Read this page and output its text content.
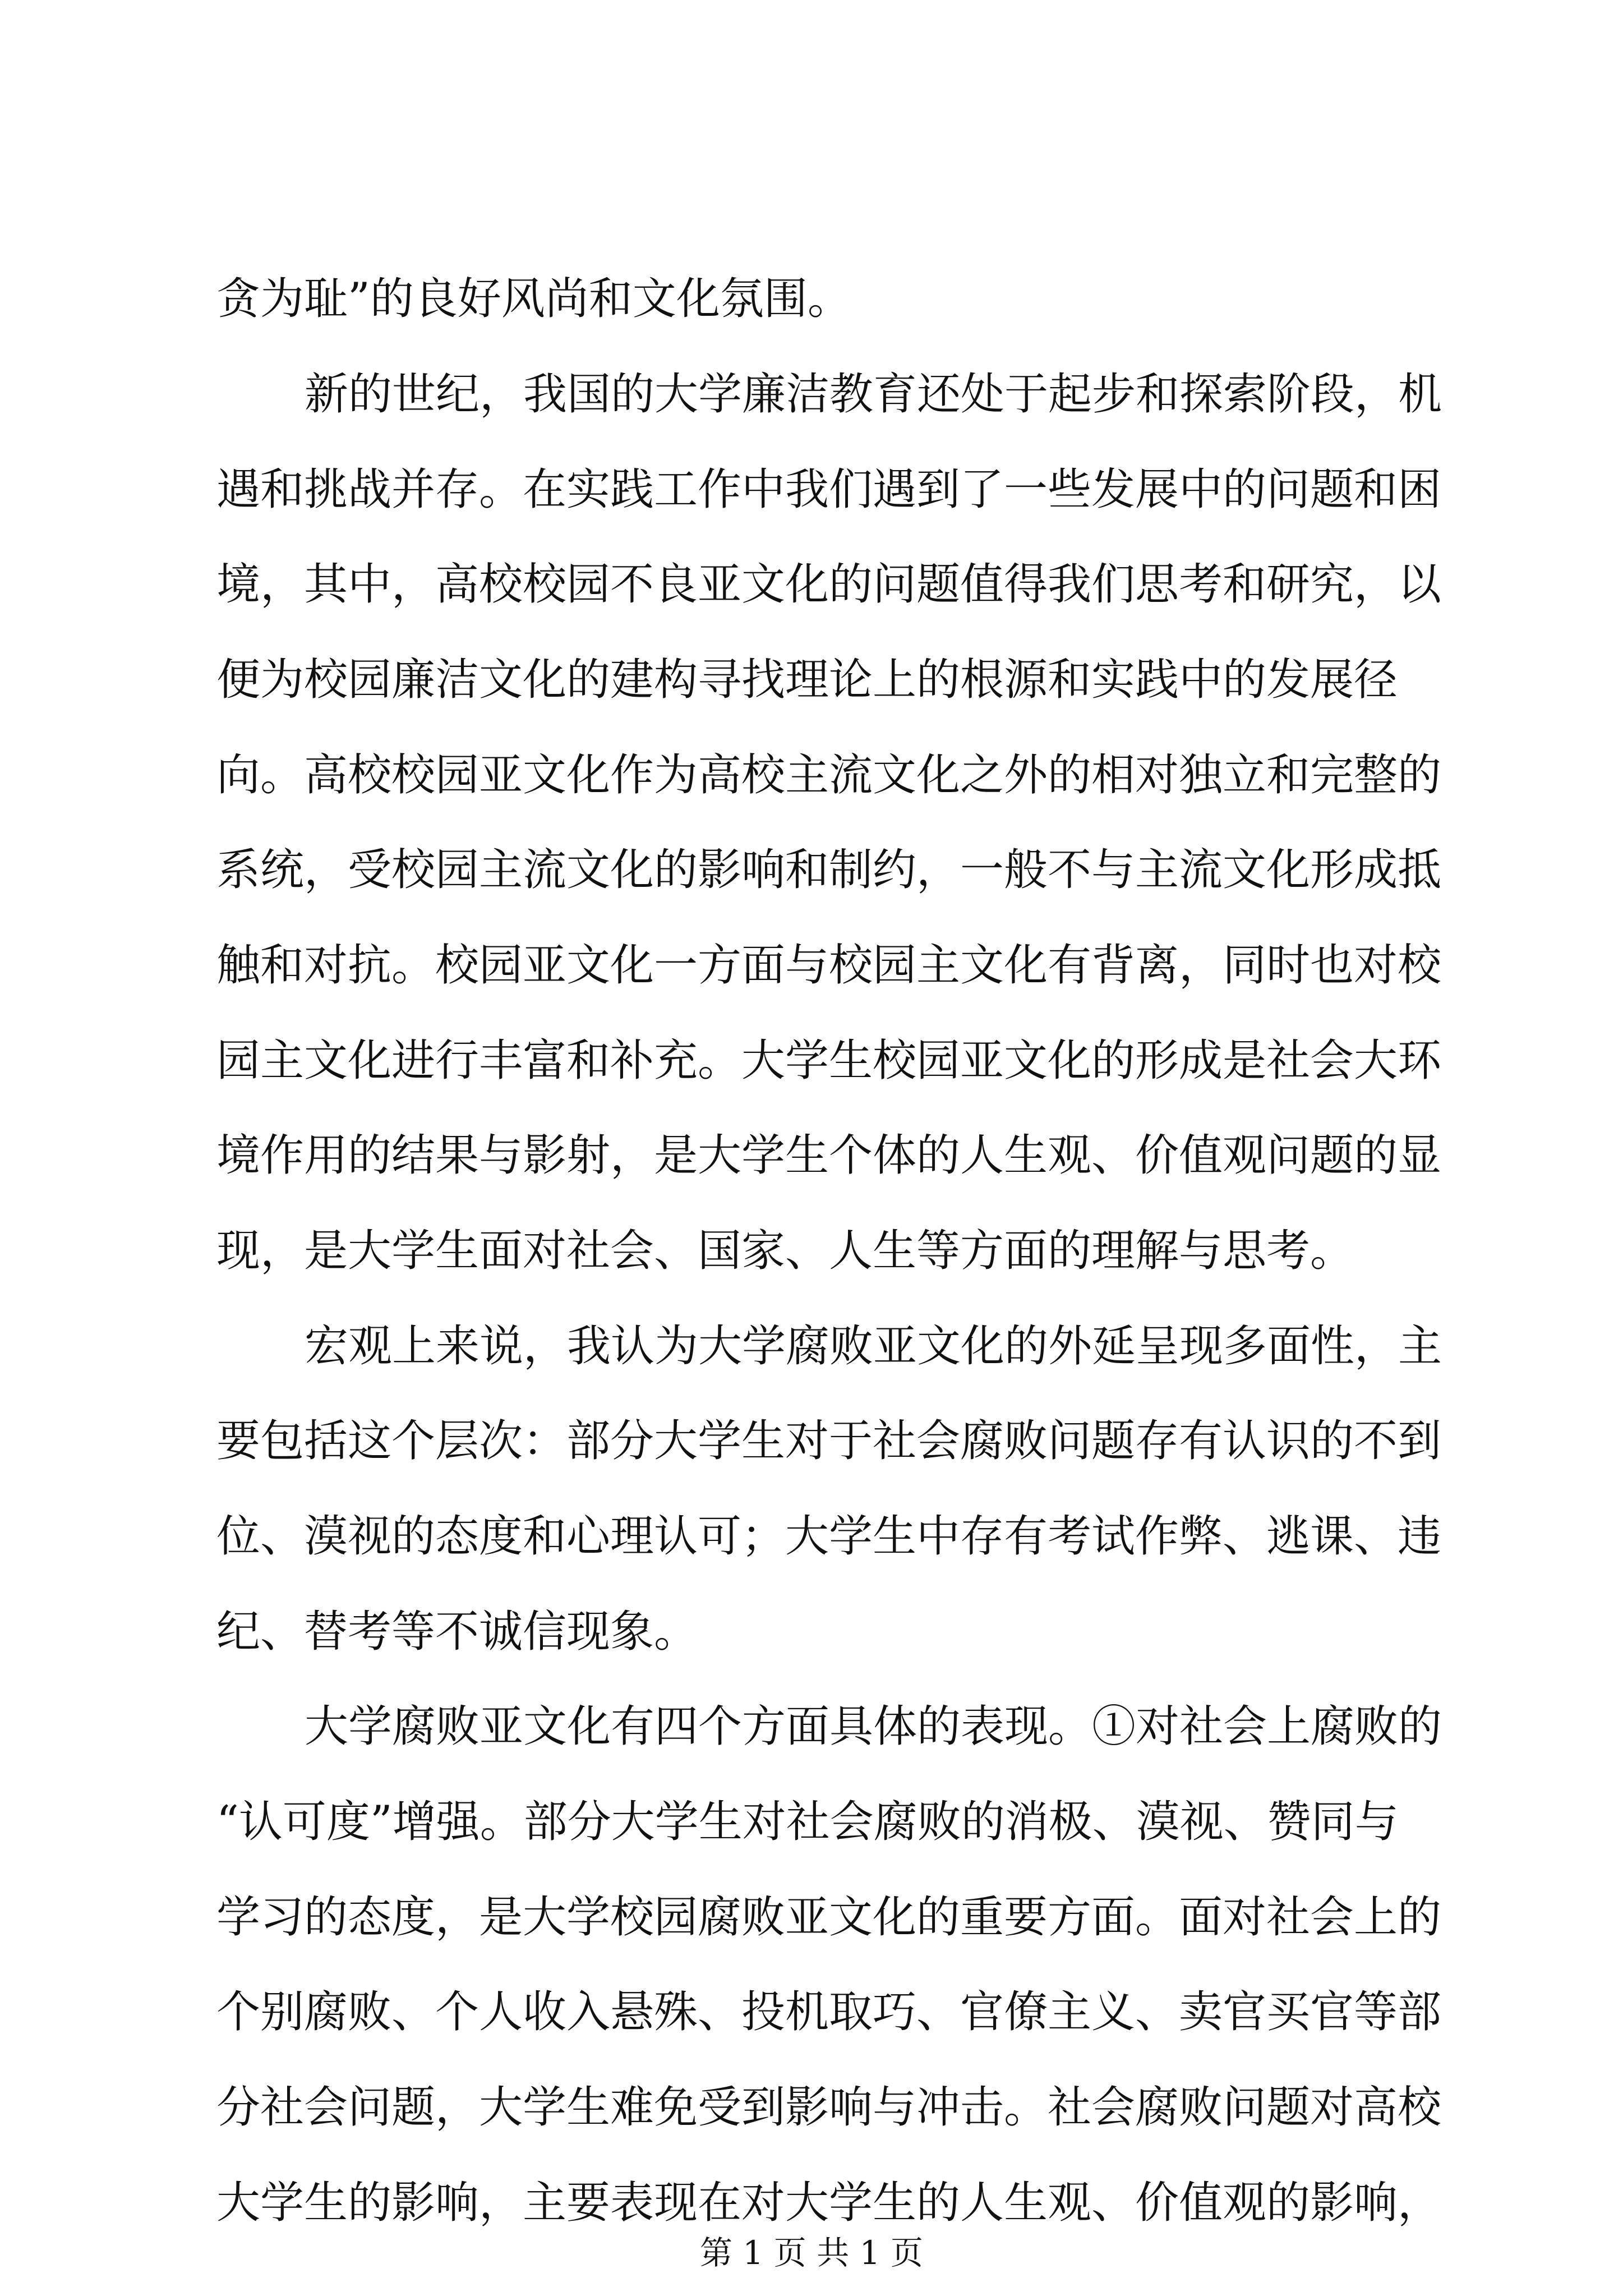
贪为耻”的良好风尚和文化氛围。
新的世纪，我国的大学廉洁教育还处于起步和探索阶段，机
遇和挑战并存。在实践工作中我们遇到了一些发展中的问题和困
境，其中，高校校园不良亚文化的问题值得我们思考和研究，以
便为校园廉洁文化的建构寻找理论上的根源和实践中的发展径
向。高校校园亚文化作为高校主流文化之外的相对独立和完整的
系统，受校园主流文化的影响和制约，一般不与主流文化形成抵
触和对抗。校园亚文化一方面与校园主文化有背离，同时也对校
园主文化进行丰富和补充。大学生校园亚文化的形成是社会大环
境作用的结果与影射，是大学生个体的人生观、价值观问题的显
现，是大学生面对社会、国家、人生等方面的理解与思考。
宏观上来说，我认为大学腐败亚文化的外延呈现多面性，主
要包括这个层次：部分大学生对于社会腐败问题存有认识的不到
位、漠视的态度和心理认可；大学生中存有考试作弊、逃课、违
纪、替考等不诚信现象。
大学腐败亚文化有四个方面具体的表现。①对社会上腐败的
“认可度”增强。部分大学生对社会腐败的消极、漠视、赞同与
学习的态度，是大学校园腐败亚文化的重要方面。面对社会上的
个别腐败、个人收入悬殊、投机取巧、官僚主义、卖官买官等部
分社会问题，大学生难免受到影响与冲击。社会腐败问题对高校
大学生的影响，主要表现在对大学生的人生观、价值观的影响，
第 1 页 共 1 页
